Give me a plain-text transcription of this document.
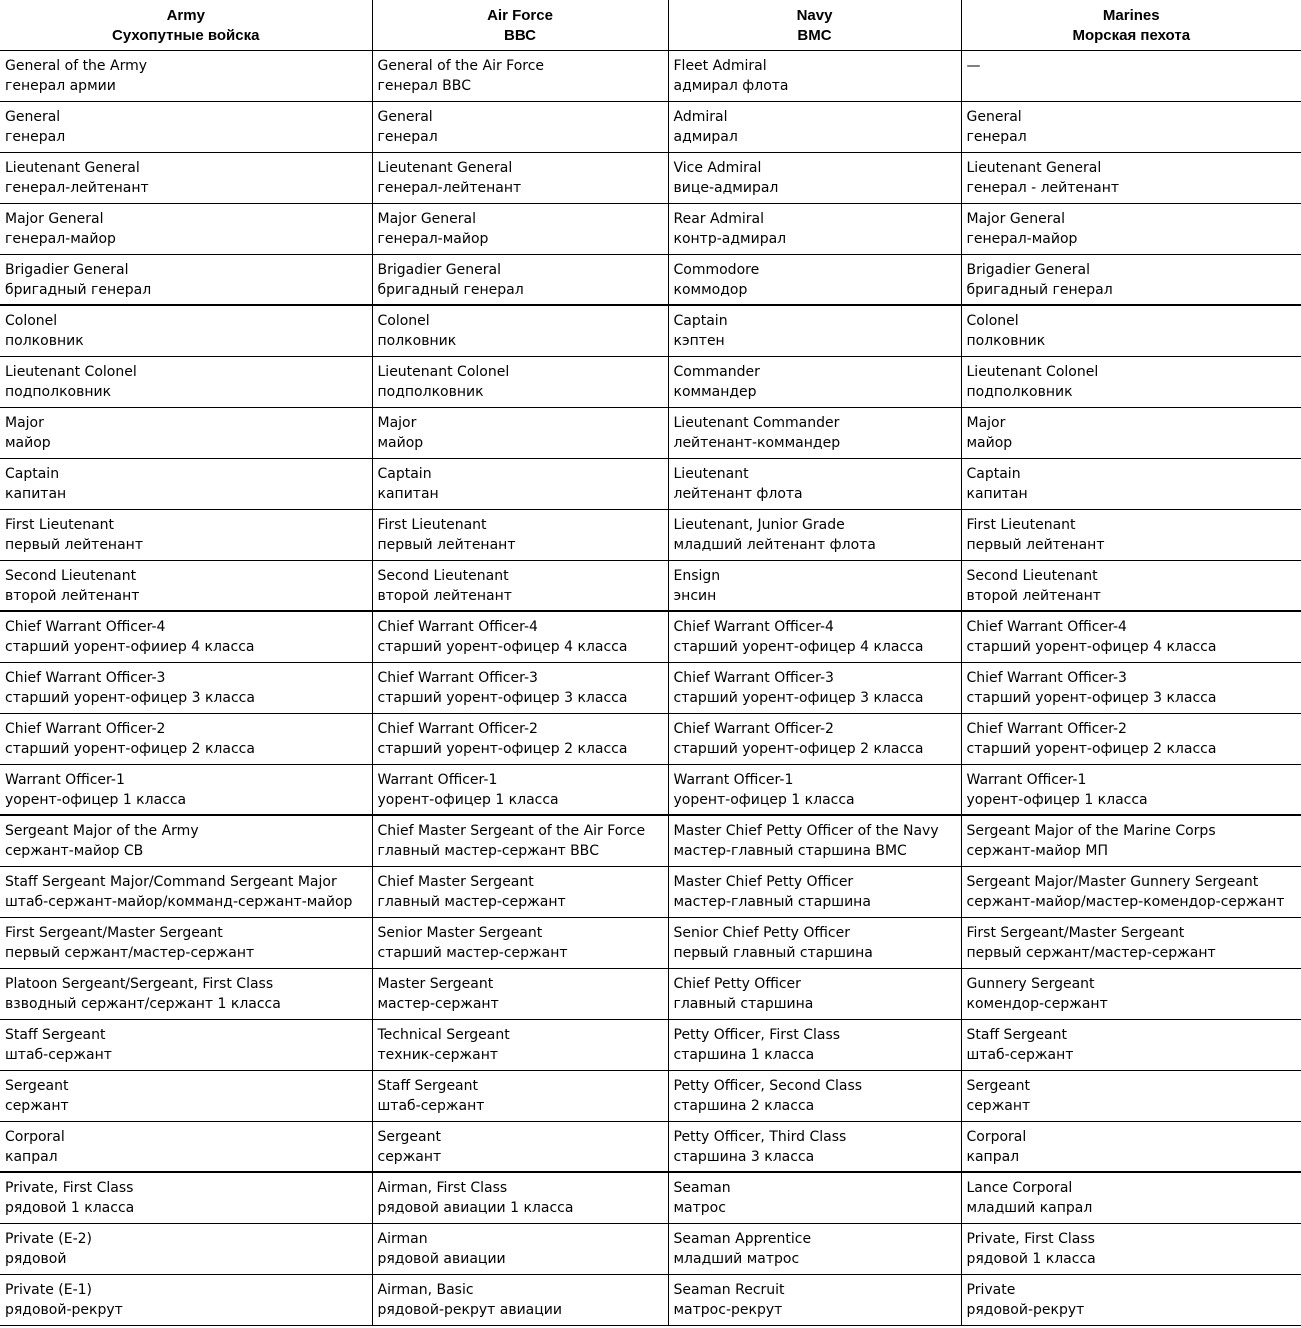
Army
Сухопутные войска	Air Force
ВВС	Navy
ВМС	Marines
Морская пехота

General of the Army
генерал армии	General of the Air Force
генерал ВВС	Fleet Admiral
адмирал флота	—

General
генерал	General
генерал	Admiral
адмирал	General
генерал

Lieutenant General
генерал-лейтенант	Lieutenant General
генерал-лейтенант	Vice Admiral
вице-адмирал	Lieutenant General
генерал - лейтенант

Major General
генерал-майор	Major General
генерал-майор	Rear Admiral
контр-адмирал	Major General
генерал-майор

Brigadier General
бригадный генерал	Brigadier General
бригадный генерал	Commodore
коммодор	Brigadier General
бригадный генерал

Colonel
полковник	Colonel
полковник	Captain
кэптен	Colonel
полковник

Lieutenant Colonel
подполковник	Lieutenant Colonel
подполковник	Commander
коммандер	Lieutenant Colonel
подполковник

Major
майор	Major
майор	Lieutenant Commander
лейтенант-коммандер	Major
майор

Captain
капитан	Captain
капитан	Lieutenant
лейтенант флота	Captain
капитан

First Lieutenant
первый лейтенант	First Lieutenant
первый лейтенант	Lieutenant, Junior Grade
младший лейтенант флота	First Lieutenant
первый лейтенант

Second Lieutenant
второй лейтенант	Second Lieutenant
второй лейтенант	Ensign
энсин	Second Lieutenant
второй лейтенант

Chief Warrant Officer-4
старший уорент-офииер 4 класса	Chief Warrant Officer-4
старший уорент-офицер 4 класса	Chief Warrant Officer-4
старший уорент-офицер 4 класса	Chief Warrant Officer-4
старший уорент-офицер 4 класса

Chief Warrant Officer-3
старший уорент-офицер 3 класса	Chief Warrant Officer-3
старший уорент-офицер 3 класса	Chief Warrant Officer-3
старший уорент-офицер 3 класса	Chief Warrant Officer-3
старший уорент-офицер 3 класса

Chief Warrant Officer-2
старший уорент-офицер 2 класса	Chief Warrant Officer-2
старший уорент-офицер 2 класса	Chief Warrant Officer-2
старший уорент-офицер 2 класса	Chief Warrant Officer-2
старший уорент-офицер 2 класса

Warrant Officer-1
уорент-офицер 1 класса	Warrant Officer-1
уорент-офицер 1 класса	Warrant Officer-1
уорент-офицер 1 класса	Warrant Officer-1
уорент-офицер 1 класса

Sergeant Major of the Army
сержант-майор СВ	Chief Master Sergeant of the Air Force
главный мастер-сержант ВВС	Master Chief Petty Officer of the Navy
мастер-главный старшина ВМС	Sergeant Major of the Marine Corps
сержант-майор МП

Staff Sergeant Major/Command Sergeant Major
штаб-сержант-майор/комманд-сержант-майор	Chief Master Sergeant
главный мастер-сержант	Master Chief Petty Officer
мастер-главный старшина	Sergeant Major/Master Gunnery Sergeant
сержант-майор/мастер-комендор-сержант

First Sergeant/Master Sergeant
первый сержант/мастер-сержант	Senior Master Sergeant
старший мастер-сержант	Senior Chief Petty Officer
первый главный старшина	First Sergeant/Master Sergeant
первый сержант/мастер-сержант

Platoon Sergeant/Sergeant, First Class
взводный сержант/сержант 1 класса	Master Sergeant
мастер-сержант	Chief Petty Officer
главный старшина	Gunnery Sergeant
комендор-сержант

Staff Sergeant
штаб-сержант	Technical Sergeant
техник-сержант	Petty Officer, First Class
старшина 1 класса	Staff Sergeant
штаб-сержант

Sergeant
сержант	Staff Sergeant
штаб-сержант	Petty Officer, Second Class
старшина 2 класса	Sergeant
сержант

Corporal
капрал	Sergeant
сержант	Petty Officer, Third Class
старшина 3 класса	Corporal
капрал

Private, First Class
рядовой 1 класса	Airman, First Class
рядовой авиации 1 класса	Seaman
матрос	Lance Corporal
младший капрал

Private (E-2)
рядовой	Airman
рядовой авиации	Seaman Apprentice
младший матрос	Private, First Class
рядовой 1 класса

Private (E-1)
рядовой-рекрут	Airman, Basic
рядовой-рекрут авиации	Seaman Recruit
матрос-рекрут	Private
рядовой-рекрут
